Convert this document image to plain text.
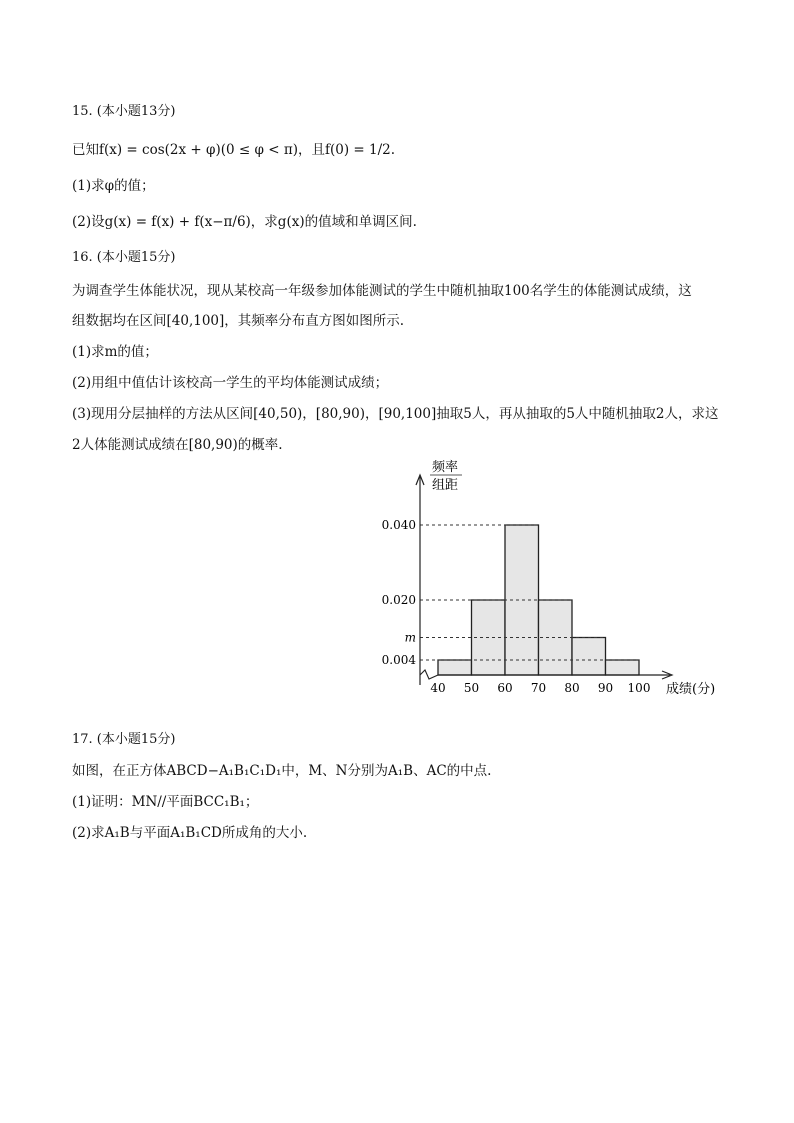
15. (本小题13分)
已知f(x) = cos(2x + φ)(0 ≤ φ < π)，且f(0) = 1/2.
(1)求φ的值；
(2)设g(x) = f(x) + f(x−π/6)，求g(x)的值域和单调区间.
16. (本小题15分)
为调查学生体能状况，现从某校高一年级参加体能测试的学生中随机抽取100名学生的体能测试成绩，这
组数据均在区间[40,100]，其频率分布直方图如图所示.
(1)求m的值；
(2)用组中值估计该校高一学生的平均体能测试成绩；
(3)现用分层抽样的方法从区间[40,50)，[80,90)，[90,100]抽取5人，再从抽取的5人中随机抽取2人，求这
2人体能测试成绩在[80,90)的概率.
0.040
0.020
m
0.004
40 50 60 70 80 90 100
频率
组距
成绩(分)
17. (本小题15分)
如图，在正方体ABCD−A₁B₁C₁D₁中，M、N分别为A₁B、AC的中点.
(1)证明：MN//平面BCC₁B₁；
(2)求A₁B与平面A₁B₁CD所成角的大小.
